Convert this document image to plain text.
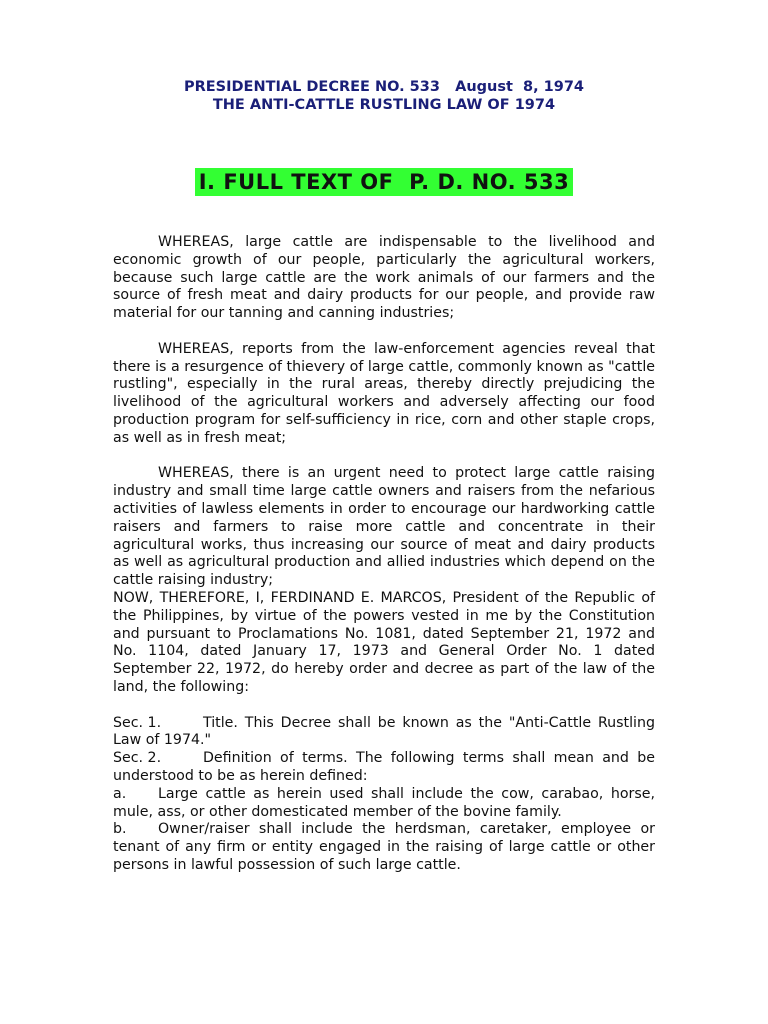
PRESIDENTIAL DECREE NO. 533   August  8, 1974
THE ANTI-CATTLE RUSTLING LAW OF 1974
I. FULL TEXT OF  P. D. NO. 533

WHEREAS, large cattle are indispensable to the livelihood and economic growth of our people, particularly the agricultural workers, because such large cattle are the work animals of our farmers and the source of fresh meat and dairy products for our people, and provide raw material for our tanning and canning industries;

WHEREAS, reports from the law-enforcement agencies reveal that there is a resurgence of thievery of large cattle, commonly known as "cattle rustling", especially in the rural areas, thereby directly prejudicing the livelihood of the agricultural workers and adversely affecting our food production program for self-sufficiency in rice, corn and other staple crops, as well as in fresh meat;

WHEREAS, there is an urgent need to protect large cattle raising industry and small time large cattle owners and raisers from the nefarious activities of lawless elements in order to encourage our hardworking cattle raisers and farmers to raise more cattle and concentrate in their agricultural works, thus increasing our source of meat and dairy products as well as agricultural production and allied industries which depend on the cattle raising industry;

NOW, THEREFORE, I, FERDINAND E. MARCOS, President of the Republic of the Philippines, by virtue of the powers vested in me by the Constitution and pursuant to Proclamations No. 1081, dated September 21, 1972 and No. 1104, dated January 17, 1973 and General Order No. 1 dated September 22, 1972, do hereby order and decree as part of the law of the land, the following:

Sec. 1.	Title. This Decree shall be known as the "Anti-Cattle Rustling Law of 1974."

Sec. 2.	Definition of terms. The following terms shall mean and be understood to be as herein defined:

a. Large cattle as herein used shall include the cow, carabao, horse, mule, ass, or other domesticated member of the bovine family.

b. Owner/raiser shall include the herdsman, caretaker, employee or tenant of any firm or entity engaged in the raising of large cattle or other persons in lawful possession of such large cattle.
